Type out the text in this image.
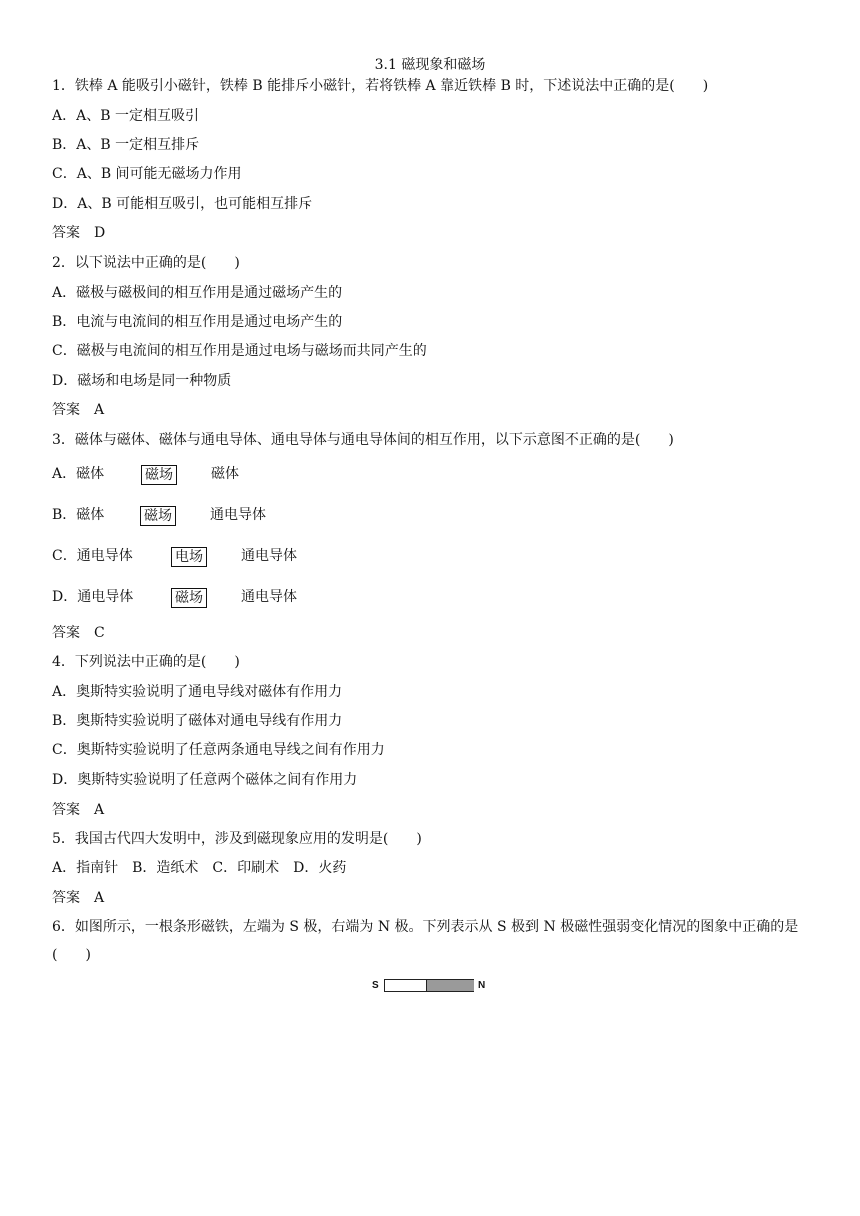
3.1 磁现象和磁场
1．铁棒 A 能吸引小磁针，铁棒 B 能排斥小磁针，若将铁棒 A 靠近铁棒 B 时，下述说法中正确的是(　　)
A．A、B 一定相互吸引
B．A、B 一定相互排斥
C．A、B 间可能无磁场力作用
D．A、B 可能相互吸引，也可能相互排斥
答案　D
2．以下说法中正确的是(　　)
A．磁极与磁极间的相互作用是通过磁场产生的
B．电流与电流间的相互作用是通过电场产生的
C．磁极与电流间的相互作用是通过电场与磁场而共同产生的
D．磁场和电场是同一种物质
答案　A
3．磁体与磁体、磁体与通电导体、通电导体与通电导体间的相互作用，以下示意图不正确的是(　　)
A．磁体	磁场	磁体
B．磁体	磁场	通电导体
C．通电导体	电场	通电导体
D．通电导体	磁场	通电导体
答案　C
4．下列说法中正确的是(　　)
A．奥斯特实验说明了通电导线对磁体有作用力
B．奥斯特实验说明了磁体对通电导线有作用力
C．奥斯特实验说明了任意两条通电导线之间有作用力
D．奥斯特实验说明了任意两个磁体之间有作用力
答案　A
5．我国古代四大发明中，涉及到磁现象应用的发明是(　　)
A．指南针　B．造纸术　C．印刷术　D．火药
答案　A
6．如图所示，一根条形磁铁，左端为 S 极，右端为 N 极。下列表示从 S 极到 N 极磁性强弱变化情况的图象中正确的是(　　)
S	N
